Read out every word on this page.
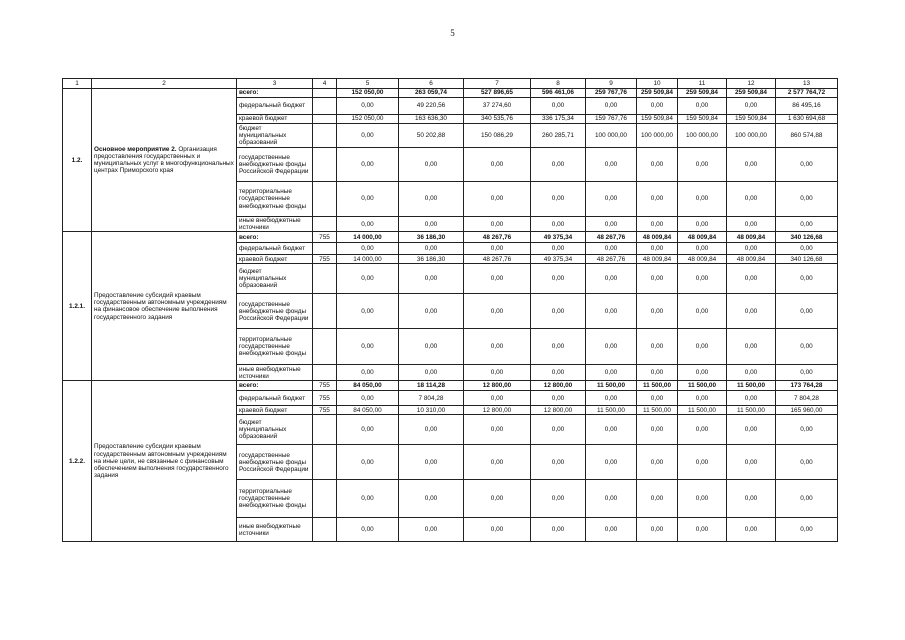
5
1	2	3	4	5	6	7	8	9	10	11	12	13
1.2.	Основное мероприятие 2. Организация предоставления государственных и муниципальных услуг в многофункциональных центрах Приморского края	всего:		152 050,00	263 059,74	527 896,65	596 461,06	259 767,76	259 509,84	259 509,84	259 509,84	2 577 764,72
		федеральный бюджет		0,00	49 220,56	37 274,60	0,00	0,00	0,00	0,00	0,00	86 495,16
		краевой бюджет		152 050,00	163 636,30	340 535,76	336 175,34	159 767,76	159 509,84	159 509,84	159 509,84	1 630 694,68
		бюджет муниципальных образований		0,00	50 202,88	150 086,29	260 285,71	100 000,00	100 000,00	100 000,00	100 000,00	860 574,88
		государственные внебюджетные фонды Российской Федерации		0,00	0,00	0,00	0,00	0,00	0,00	0,00	0,00	0,00
		территориальные государственные внебюджетные фонды		0,00	0,00	0,00	0,00	0,00	0,00	0,00	0,00	0,00
		иные внебюджетные источники		0,00	0,00	0,00	0,00	0,00	0,00	0,00	0,00	0,00
1.2.1.	Предоставление субсидий краевым государственным автономным учреждениям на финансовое обеспечение выполнения государственного задания	всего:	755	14 000,00	36 186,30	48 267,76	49 375,34	48 267,76	48 009,84	48 009,84	48 009,84	340 126,68
		федеральный бюджет		0,00	0,00	0,00	0,00	0,00	0,00	0,00	0,00	0,00
		краевой бюджет	755	14 000,00	36 186,30	48 267,76	49 375,34	48 267,76	48 009,84	48 009,84	48 009,84	340 126,68
		бюджет муниципальных образований		0,00	0,00	0,00	0,00	0,00	0,00	0,00	0,00	0,00
		государственные внебюджетные фонды Российской Федерации		0,00	0,00	0,00	0,00	0,00	0,00	0,00	0,00	0,00
		территориальные государственные внебюджетные фонды		0,00	0,00	0,00	0,00	0,00	0,00	0,00	0,00	0,00
		иные внебюджетные источники		0,00	0,00	0,00	0,00	0,00	0,00	0,00	0,00	0,00
1.2.2.	Предоставление субсидии краевым государственным автономным учреждениям на иные цели, не связанные с финансовым обеспечением выполнения государственного задания	всего:	755	84 050,00	18 114,28	12 800,00	12 800,00	11 500,00	11 500,00	11 500,00	11 500,00	173 764,28
		федеральный бюджет	755	0,00	7 804,28	0,00	0,00	0,00	0,00	0,00	0,00	7 804,28
		краевой бюджет	755	84 050,00	10 310,00	12 800,00	12 800,00	11 500,00	11 500,00	11 500,00	11 500,00	165 960,00
		бюджет муниципальных образований		0,00	0,00	0,00	0,00	0,00	0,00	0,00	0,00	0,00
		государственные внебюджетные фонды Российской Федерации		0,00	0,00	0,00	0,00	0,00	0,00	0,00	0,00	0,00
		территориальные государственные внебюджетные фонды		0,00	0,00	0,00	0,00	0,00	0,00	0,00	0,00	0,00
		иные внебюджетные источники		0,00	0,00	0,00	0,00	0,00	0,00	0,00	0,00	0,00
